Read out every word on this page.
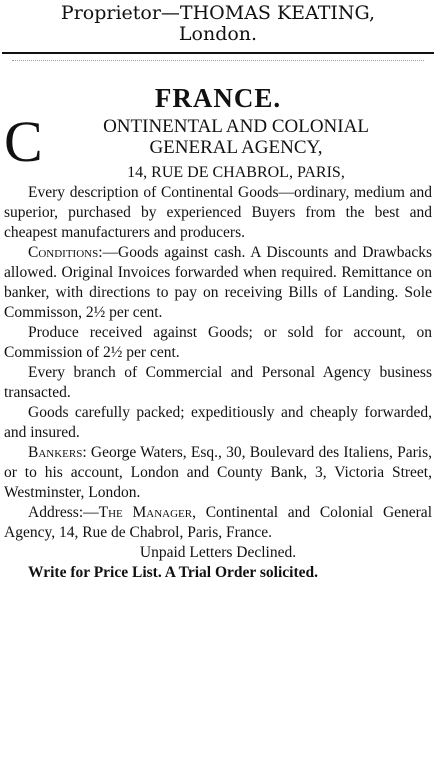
Proprietor—THOMAS KEATING,
London.
FRANCE.
C	ONTINENTAL AND COLONIAL
GENERAL AGENCY,
14, RUE DE CHABROL, PARIS,

Every description of Continental Goods—ordinary, medium and superior, purchased by experienced Buyers from the best and cheapest manufacturers and producers.

Conditions:—Goods against cash. A Discounts and Drawbacks allowed. Original Invoices forwarded when required. Remittance on banker, with directions to pay on receiving Bills of Landing. Sole Commisson, 2½ per cent.

Produce received against Goods; or sold for account, on Commission of 2½ per cent.

Every branch of Commercial and Personal Agency business transacted.

Goods carefully packed; expeditiously and cheaply forwarded, and insured.

Bankers: George Waters, Esq., 30, Boulevard des Italiens, Paris, or to his account, London and County Bank, 3, Victoria Street, Westminster, London.

Address:—The Manager, Continental and Colonial General Agency, 14, Rue de Chabrol, Paris, France.

Unpaid Letters Declined.

Write for Price List. A Trial Order solicited.
